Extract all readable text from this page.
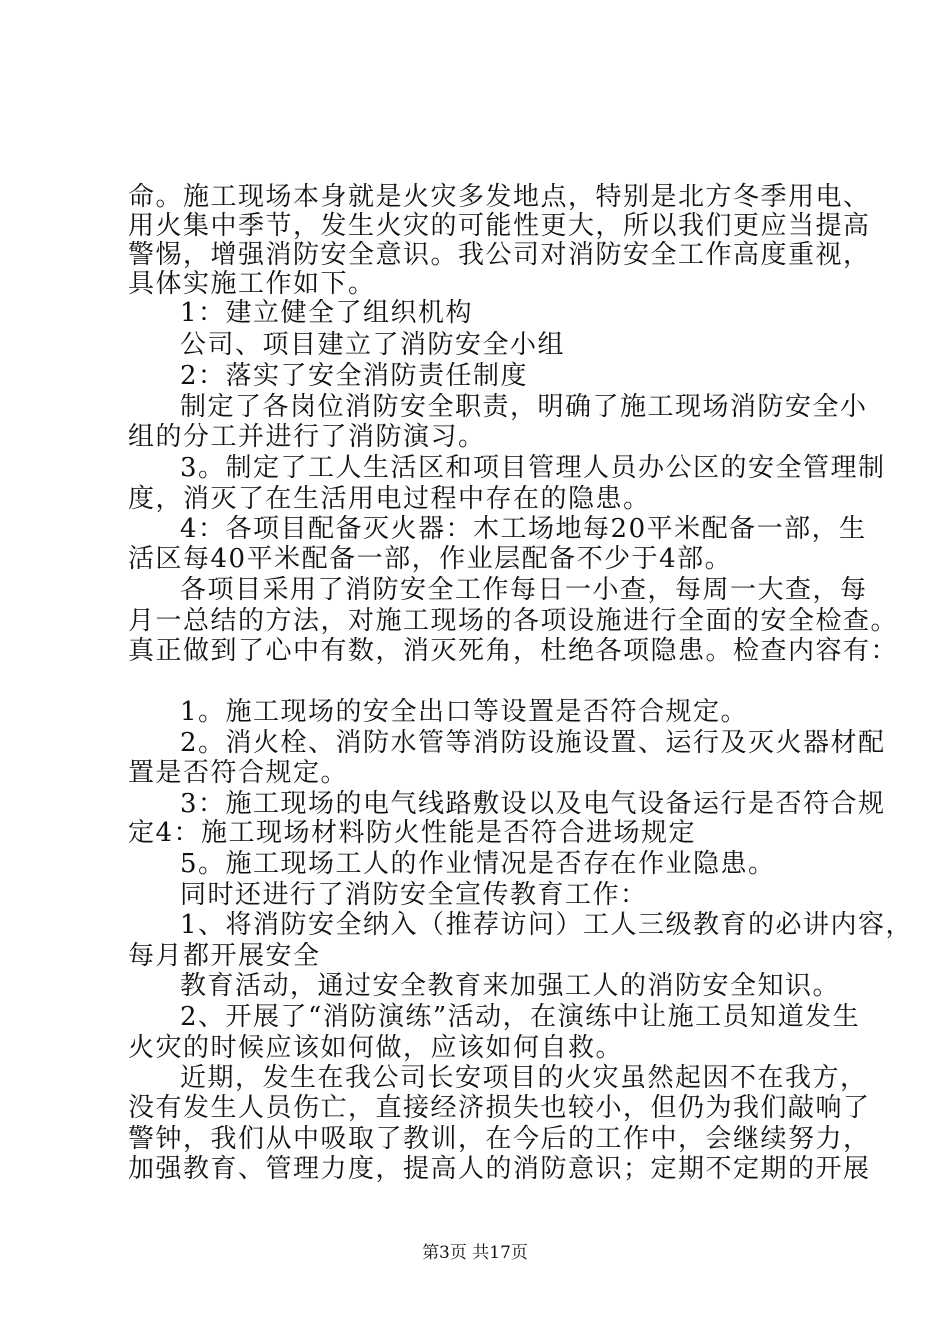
命。施工现场本身就是火灾多发地点，特别是北方冬季用电、
用火集中季节，发生火灾的可能性更大，所以我们更应当提高
警惕，增强消防安全意识。我公司对消防安全工作高度重视，
具体实施工作如下。
1：建立健全了组织机构
公司、项目建立了消防安全小组
2：落实了安全消防责任制度
制定了各岗位消防安全职责，明确了施工现场消防安全小
组的分工并进行了消防演习。
3。制定了工人生活区和项目管理人员办公区的安全管理制
度，消灭了在生活用电过程中存在的隐患。
4：各项目配备灭火器：木工场地每20平米配备一部，生
活区每40平米配备一部，作业层配备不少于4部。
各项目采用了消防安全工作每日一小查，每周一大查，每
月一总结的方法，对施工现场的各项设施进行全面的安全检查。
真正做到了心中有数，消灭死角，杜绝各项隐患。检查内容有：
1。施工现场的安全出口等设置是否符合规定。
2。消火栓、消防水管等消防设施设置、运行及灭火器材配
置是否符合规定。
3：施工现场的电气线路敷设以及电气设备运行是否符合规
定4：施工现场材料防火性能是否符合进场规定
5。施工现场工人的作业情况是否存在作业隐患。
同时还进行了消防安全宣传教育工作：
1、将消防安全纳入（推荐访问）工人三级教育的必讲内容，
每月都开展安全
教育活动，通过安全教育来加强工人的消防安全知识。
2、开展了“消防演练”活动，在演练中让施工员知道发生
火灾的时候应该如何做，应该如何自救。
近期，发生在我公司长安项目的火灾虽然起因不在我方，
没有发生人员伤亡，直接经济损失也较小，但仍为我们敲响了
警钟，我们从中吸取了教训，在今后的工作中，会继续努力，
加强教育、管理力度，提高人的消防意识；定期不定期的开展
第3页 共17页
